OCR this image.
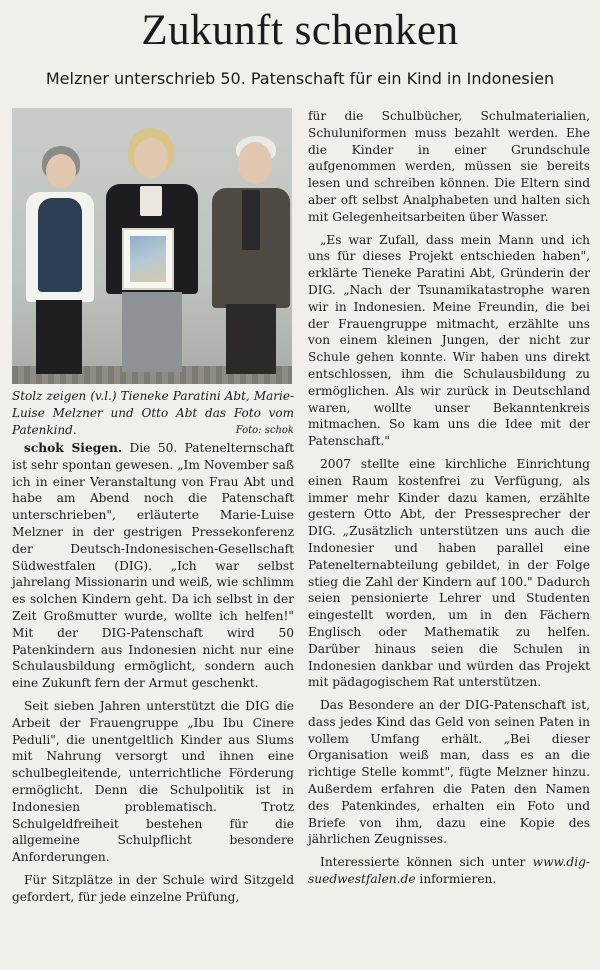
Zukunft schenken
Melzner unterschrieb 50. Patenschaft für ein Kind in Indonesien

Stolz zeigen (v.l.) Tieneke Paratini Abt, Marie-Luise Melzner und Otto Abt das Foto vom Patenkind.	Foto: schok

schok Siegen. Die 50. Patenelternschaft ist sehr spontan gewesen. „Im November saß ich in einer Veranstaltung von Frau Abt und habe am Abend noch die Patenschaft unterschrieben", erläuterte Marie-Luise Melzner in der gestrigen Pressekonferenz der Deutsch-Indonesischen-Gesellschaft Südwestfalen (DIG). „Ich war selbst jahrelang Missionarin und weiß, wie schlimm es solchen Kindern geht. Da ich selbst in der Zeit Großmutter wurde, wollte ich helfen!" Mit der DIG-Patenschaft wird 50 Patenkindern aus Indonesien nicht nur eine Schulausbildung ermöglicht, sondern auch eine Zukunft fern der Armut geschenkt.

Seit sieben Jahren unterstützt die DIG die Arbeit der Frauengruppe „Ibu Ibu Cinere Peduli", die unentgeltlich Kinder aus Slums mit Nahrung versorgt und ihnen eine schulbegleitende, unterrichtliche Förderung ermöglicht. Denn die Schulpolitik ist in Indonesien problematisch. Trotz Schulgeldfreiheit bestehen für die allgemeine Schulpflicht besondere Anforderungen.

Für Sitzplätze in der Schule wird Sitzgeld gefordert, für jede einzelne Prüfung,

für die Schulbücher, Schulmaterialien, Schuluniformen muss bezahlt werden. Ehe die Kinder in einer Grundschule aufgenommen werden, müssen sie bereits lesen und schreiben können. Die Eltern sind aber oft selbst Analphabeten und halten sich mit Gelegenheitsarbeiten über Wasser.

„Es war Zufall, dass mein Mann und ich uns für dieses Projekt entschieden haben", erklärte Tieneke Paratini Abt, Gründerin der DIG. „Nach der Tsunamikatastrophe waren wir in Indonesien. Meine Freundin, die bei der Frauengruppe mitmacht, erzählte uns von einem kleinen Jungen, der nicht zur Schule gehen konnte. Wir haben uns direkt entschlossen, ihm die Schulausbildung zu ermöglichen. Als wir zurück in Deutschland waren, wollte unser Bekanntenkreis mitmachen. So kam uns die Idee mit der Patenschaft."

2007 stellte eine kirchliche Einrichtung einen Raum kostenfrei zu Verfügung, als immer mehr Kinder dazu kamen, erzählte gestern Otto Abt, der Pressesprecher der DIG. „Zusätzlich unterstützen uns auch die Indonesier und haben parallel eine Patenelternabteilung gebildet, in der Folge stieg die Zahl der Kindern auf 100." Dadurch seien pensionierte Lehrer und Studenten eingestellt worden, um in den Fächern Englisch oder Mathematik zu helfen. Darüber hinaus seien die Schulen in Indonesien dankbar und würden das Projekt mit pädagogischem Rat unterstützen.

Das Besondere an der DIG-Patenschaft ist, dass jedes Kind das Geld von seinen Paten in vollem Umfang erhält. „Bei dieser Organisation weiß man, dass es an die richtige Stelle kommt", fügte Melzner hinzu. Außerdem erfahren die Paten den Namen des Patenkindes, erhalten ein Foto und Briefe von ihm, dazu eine Kopie des jährlichen Zeugnisses.

Interessierte können sich unter www.dig-suedwestfalen.de informieren.
